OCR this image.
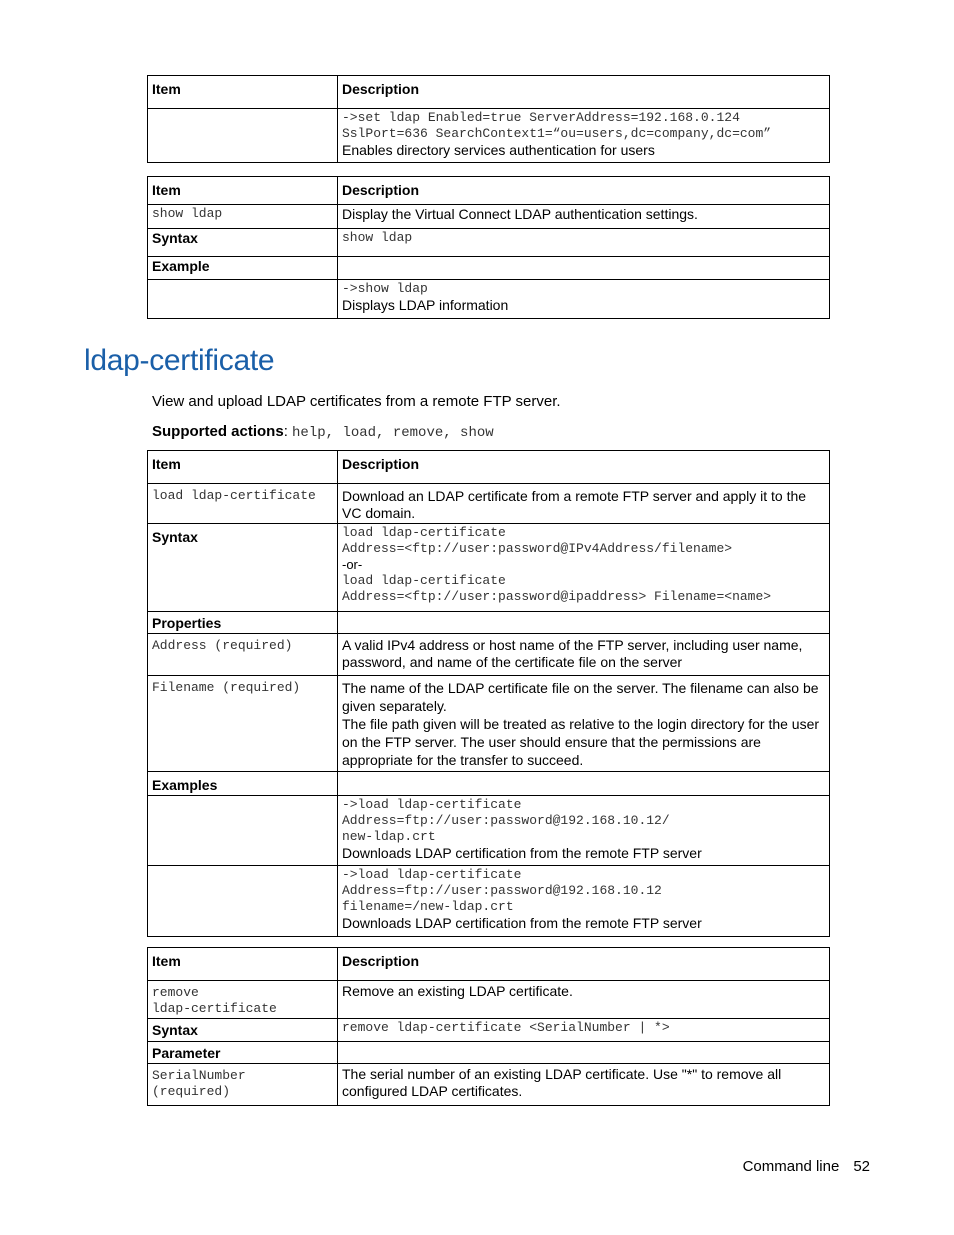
Item	Description

	->set ldap Enabled=true ServerAddress=192.168.0.124
SslPort=636 SearchContext1=“ou=users,dc=company,dc=com”
Enables directory services authentication for users
Item	Description
show ldap	Display the Virtual Connect LDAP authentication settings.
Syntax	show ldap
Example	

	->show ldap
Displays LDAP information
ldap-certificate
View and upload LDAP certificates from a remote FTP server.
Supported actions: help, load, remove, show
Item	Description
load ldap-certificate	Download an LDAP certificate from a remote FTP server and apply it to the VC domain.
Syntax	load ldap-certificate
Address=<ftp://user:password@IPv4Address/filename>
-or-
load ldap-certificate
Address=<ftp://user:password@ipaddress> Filename=<name>

Properties	
Address (required)	A valid IPv4 address or host name of the FTP server, including user name, password, and name of the certificate file on the server
Filename (required)	The name of the LDAP certificate file on the server. The filename can also be given separately.
The file path given will be treated as relative to the login directory for the user on the FTP server. The user should ensure that the permissions are appropriate for the transfer to succeed.

Examples	

	->load ldap-certificate
Address=ftp://user:password@192.168.10.12/
new-ldap.crt
Downloads LDAP certification from the remote FTP server

	->load ldap-certificate
Address=ftp://user:password@192.168.10.12
filename=/new-ldap.crt
Downloads LDAP certification from the remote FTP server
Item	Description

remove
ldap-certificate	Remove an existing LDAP certificate.
Syntax	remove ldap-certificate <SerialNumber | *>
Parameter	

SerialNumber
(required)	The serial number of an existing LDAP certificate. Use "*" to remove all configured LDAP certificates.
Command line 52
